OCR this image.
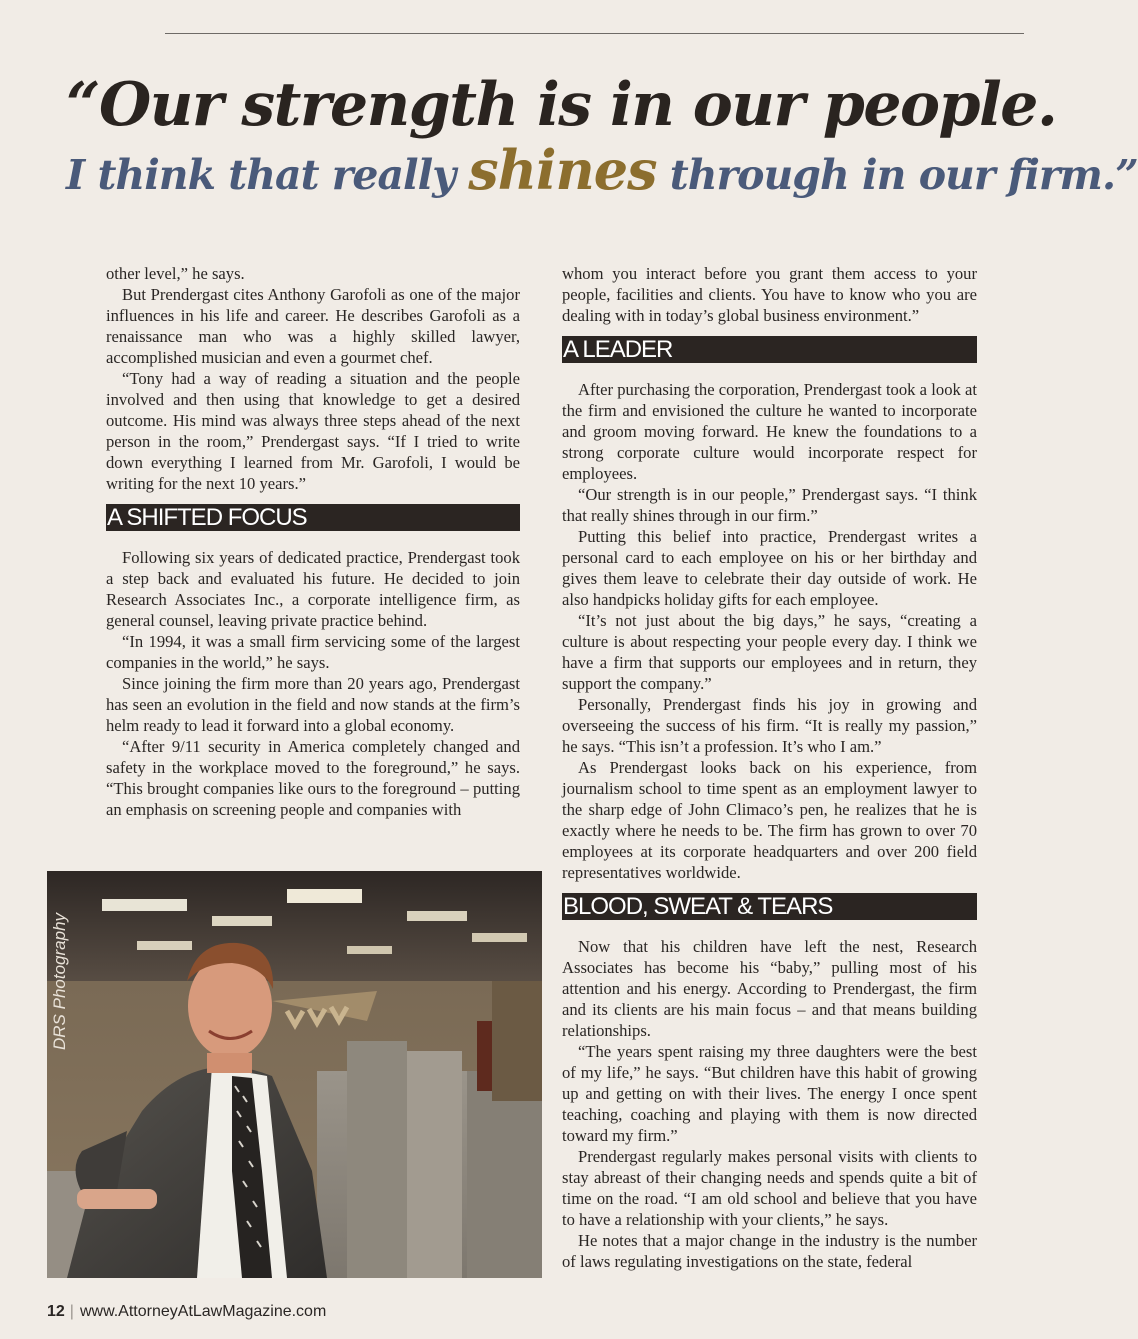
“Our strength is in our people.
I think that really shines through in our firm.”

other level,” he says.

But Prendergast cites Anthony Garofoli as one of the major influences in his life and career. He describes Garofoli as a renaissance man who was a highly skilled lawyer, accomplished musician and even a gourmet chef.

“Tony had a way of reading a situation and the people involved and then using that knowledge to get a desired outcome. His mind was always three steps ahead of the next person in the room,” Prendergast says. “If I tried to write down everything I learned from Mr. Garofoli, I would be writing for the next 10 years.”

A SHIFTED FOCUS

Following six years of dedicated practice, Prendergast took a step back and evaluated his future. He decided to join Research Associates Inc., a corporate intelligence firm, as general counsel, leaving private practice behind.

“In 1994, it was a small firm servicing some of the largest companies in the world,” he says.

Since joining the firm more than 20 years ago, Prendergast has seen an evolution in the field and now stands at the firm’s helm ready to lead it forward into a global economy.

“After 9/11 security in America completely changed and safety in the workplace moved to the foreground,” he says. “This brought companies like ours to the foreground – putting an emphasis on screening people and companies with

whom you interact before you grant them access to your people, facilities and clients. You have to know who you are dealing with in today’s global business environment.”

A LEADER

After purchasing the corporation, Prendergast took a look at the firm and envisioned the culture he wanted to incorporate and groom moving forward. He knew the foundations to a strong corporate culture would incorporate respect for employees.

“Our strength is in our people,” Prendergast says. “I think that really shines through in our firm.”

Putting this belief into practice, Prendergast writes a personal card to each employee on his or her birthday and gives them leave to celebrate their day outside of work. He also handpicks holiday gifts for each employee.

“It’s not just about the big days,” he says, “creating a culture is about respecting your people every day. I think we have a firm that supports our employees and in return, they support the company.”

Personally, Prendergast finds his joy in growing and overseeing the success of his firm. “It is really my passion,” he says. “This isn’t a profession. It’s who I am.”

As Prendergast looks back on his experience, from journalism school to time spent as an employment lawyer to the sharp edge of John Climaco’s pen, he realizes that he is exactly where he needs to be. The firm has grown to over 70 employees at its corporate headquarters and over 200 field representatives worldwide.

BLOOD, SWEAT & TEARS

Now that his children have left the nest, Research Associates has become his “baby,” pulling most of his attention and his energy. According to Prendergast, the firm and its clients are his main focus – and that means building relationships.

“The years spent raising my three daughters were the best of my life,” he says. “But children have this habit of growing up and getting on with their lives. The energy I once spent teaching, coaching and playing with them is now directed toward my firm.”

Prendergast regularly makes personal visits with clients to stay abreast of their changing needs and spends quite a bit of time on the road. “I am old school and believe that you have to have a relationship with your clients,” he says.

He notes that a major change in the industry is the number of laws regulating investigations on the state, federal

DRS Photography
12 | www.AttorneyAtLawMagazine.com
